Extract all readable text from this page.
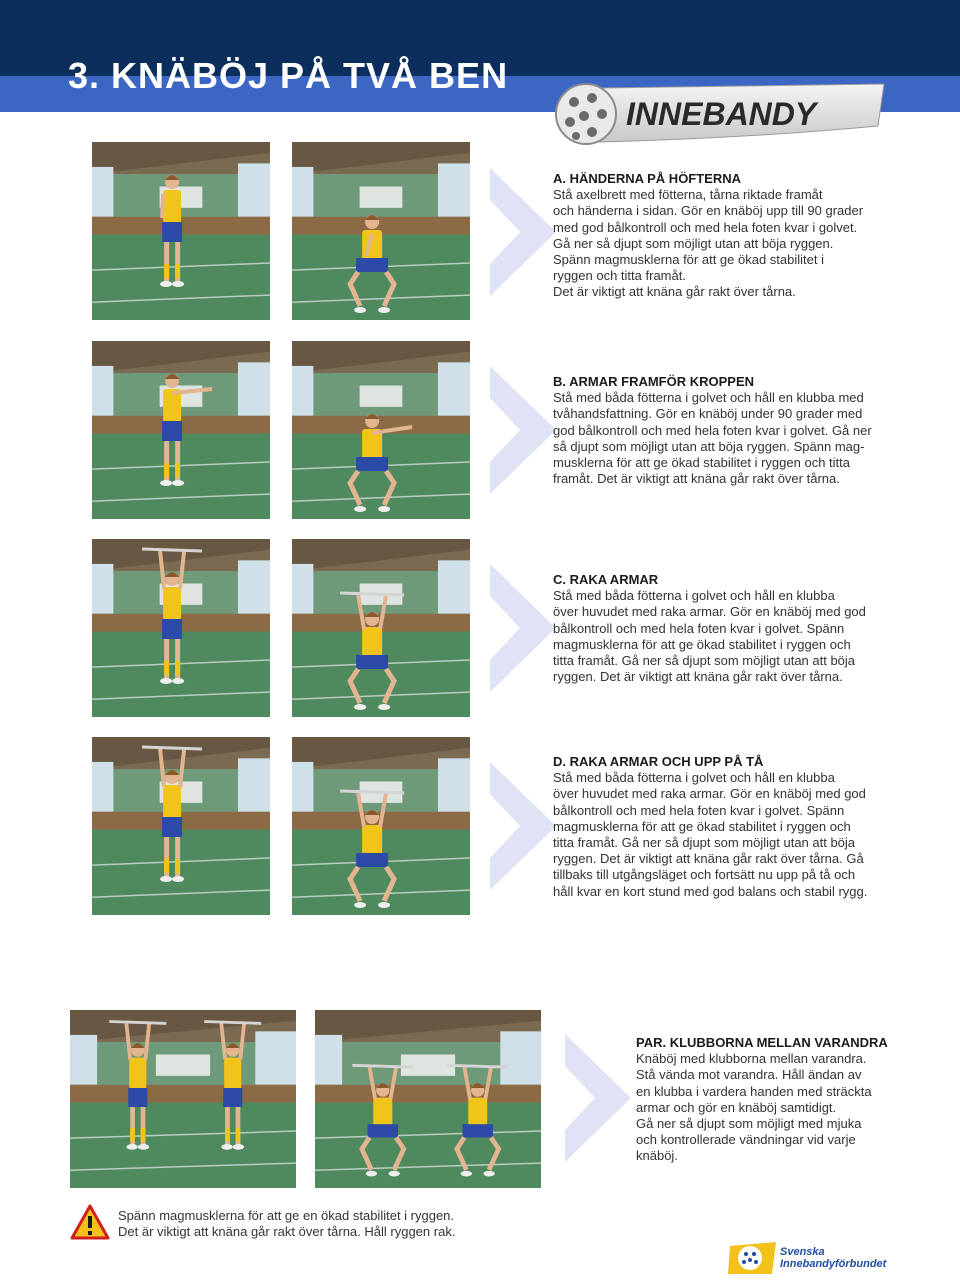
3. KNÄBÖJ PÅ TVÅ BEN
INNEBANDY
A. HÄNDERNA PÅ HÖFTERNA
Stå axelbrett med fötterna, tårna riktade framåt
och händerna i sidan. Gör en knäböj upp till 90 grader
med god bålkontroll och med hela foten kvar i golvet.
Gå ner så djupt som möjligt utan att böja ryggen.
Spänn magmusklerna för att ge ökad stabilitet i
ryggen och titta framåt.
Det är viktigt att knäna går rakt över tårna.
B. ARMAR FRAMFÖR KROPPEN
Stå med båda fötterna i golvet och håll en klubba med
tvåhandsfattning. Gör en knäböj under 90 grader med
god bålkontroll och med hela foten kvar i golvet. Gå ner
så djupt som möjligt utan att böja ryggen. Spänn mag-
musklerna för att ge ökad stabilitet i ryggen och titta
framåt. Det är viktigt att knäna går rakt över tårna.
C. RAKA ARMAR
Stå med båda fötterna i golvet och håll en klubba
över huvudet med raka armar. Gör en knäböj med god
bålkontroll och med hela foten kvar i golvet. Spänn
magmusklerna för att ge ökad stabilitet i ryggen och
titta framåt. Gå ner så djupt som möjligt utan att böja
ryggen. Det är viktigt att knäna går rakt över tårna.
D. RAKA ARMAR OCH UPP PÅ TÅ
Stå med båda fötterna i golvet och håll en klubba
över huvudet med raka armar. Gör en knäböj med god
bålkontroll och med hela foten kvar i golvet. Spänn
magmusklerna för att ge ökad stabilitet i ryggen och
titta framåt. Gå ner så djupt som möjligt utan att böja
ryggen. Det är viktigt att knäna går rakt över tårna. Gå
tillbaks till utgångsläget och fortsätt nu upp på tå och
håll kvar en kort stund med god balans och stabil rygg.
PAR. KLUBBORNA MELLAN VARANDRA
Knäböj med klubborna mellan varandra.
Stå vända mot varandra. Håll ändan av
en klubba i vardera handen med sträckta
armar och gör en knäböj samtidigt.
Gå ner så djupt som möjligt med mjuka
och kontrollerade vändningar vid varje
knäböj.
Spänn magmusklerna för att ge en ökad stabilitet i ryggen.
Det är viktigt att knäna går rakt över tårna. Håll ryggen rak.
Svenska
Innebandyförbundet
